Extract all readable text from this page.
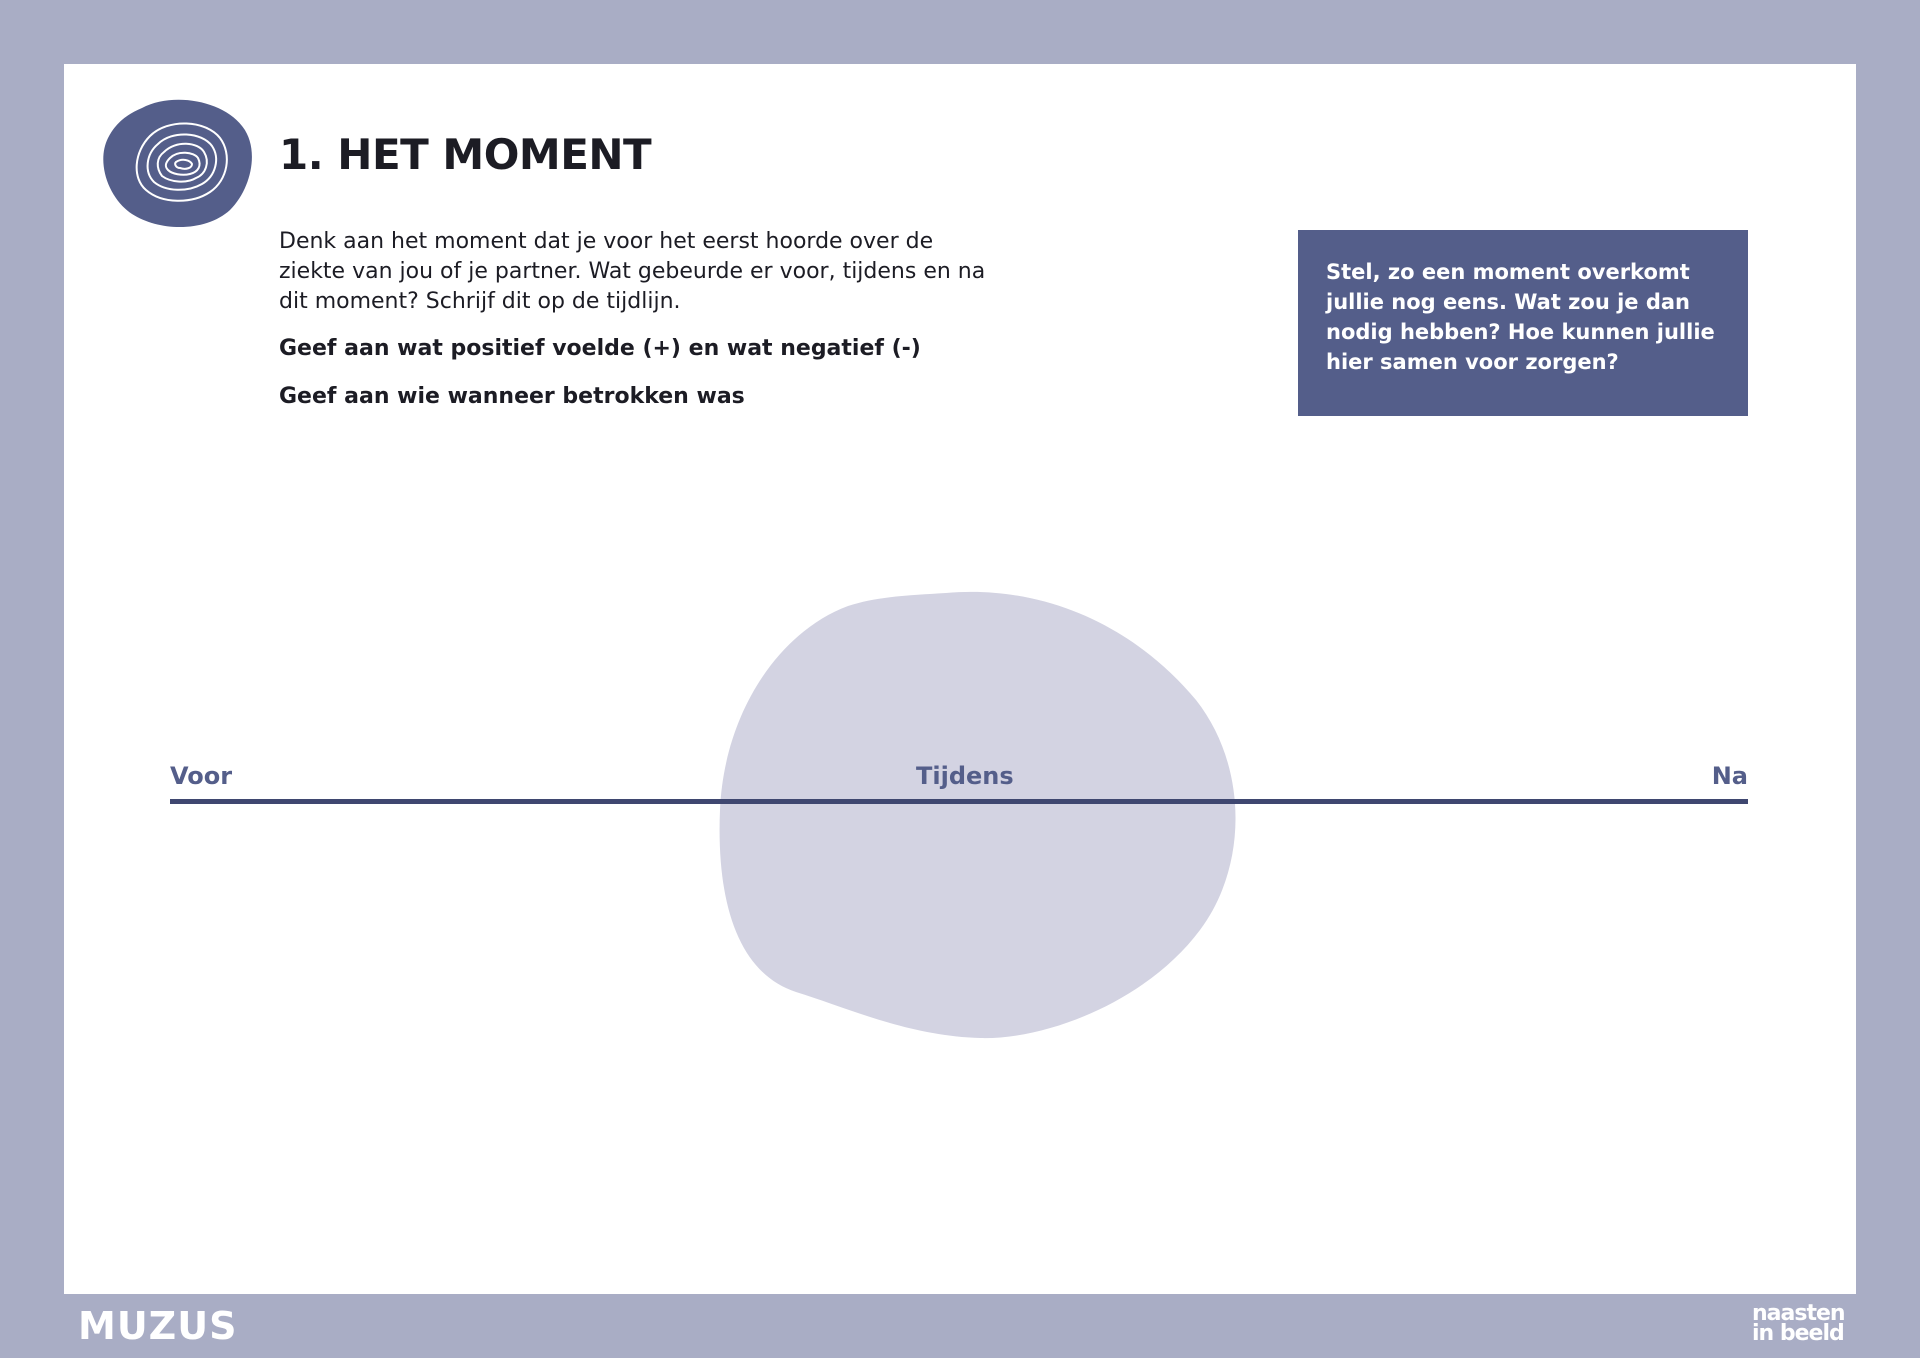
1. HET MOMENT

Denk aan het moment dat je voor het eerst hoorde over de ziekte van jou of je partner. Wat gebeurde er voor, tijdens en na dit moment? Schrijf dit op de tijdlijn.

Geef aan wat positief voelde (+) en wat negatief (-)

Geef aan wie wanneer betrokken was

Stel, zo een moment overkomt jullie nog eens. Wat zou je dan nodig hebben? Hoe kunnen jullie hier samen voor zorgen?

Voor	Tijdens	Na

MUZUS	naasten
in beeld
